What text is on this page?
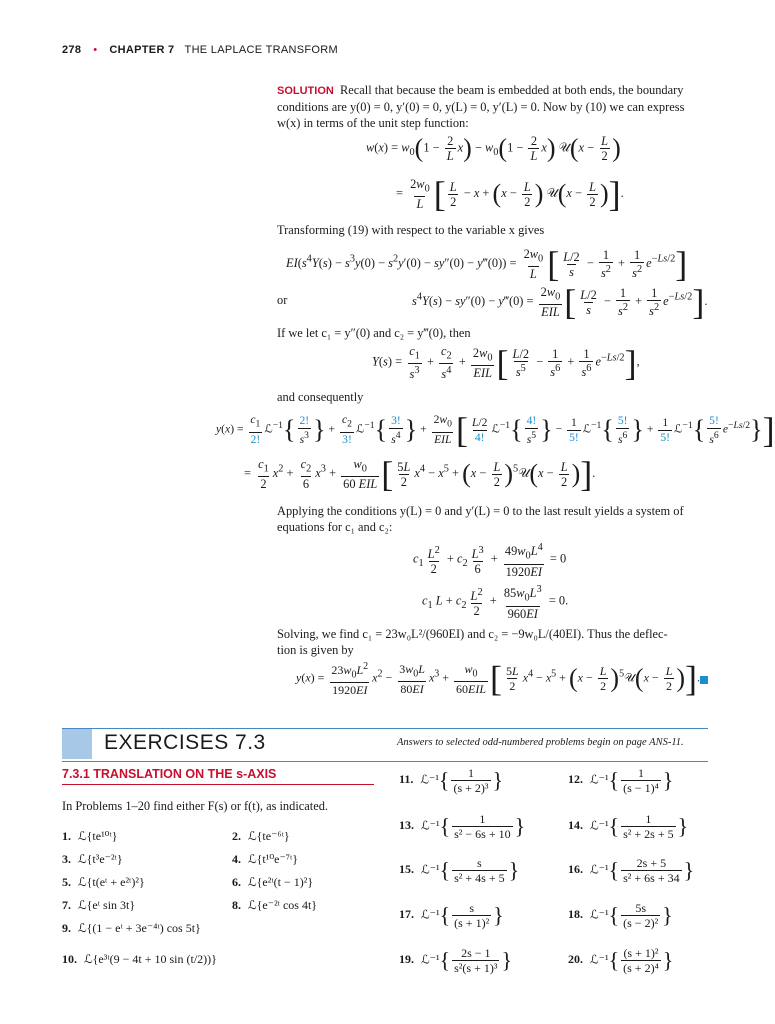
278 • CHAPTER 7 THE LAPLACE TRANSFORM
SOLUTION Recall that because the beam is embedded at both ends, the boundary
conditions are y(0) = 0, y′(0) = 0, y(L) = 0, y′(L) = 0. Now by (10) we can express
w(x) in terms of the unit step function:
$w(x) = w_0(1 - \frac{2}{L} x) - w_0(1 - \frac{2}{L} x)$ 𝒰(x − $\frac{L}{2}$ )
= $\frac{2w_0}{L}$ [ $\frac{L}{2} - x + (x - \frac{L}{2}$ ) 𝒰(x − $\frac{L}{2}$ )].
Transforming (19) with respect to the variable x gives
$EI(s^4Y(s) - s^3y(0) - s^2y'(0) - sy''(0)$ − y‴(0)) = $\frac{2w_0}{L}$ [ $\frac{L/2}{s} - \frac{1}{s^2} + \frac{1}{s^2} e^{-Ls/2}$]
or	$s^4Y(s) - sy''(0)$ − y‴(0) =
$2w_0$
EIL [ $\frac{L/2}{s} - \frac{1}{s^2} + \frac{1}{s^2} e^{-Ls/2}$].
If we let c₁ = y″(0) and c₂ = y‴(0), then
$Y(s) = \frac{c_1}{s^3} + \frac{c_2}{s^4}$ +
$2w_0$
EIL [ $\frac{L/2}{s^5} - \frac{1}{s^6} + \frac{1}{s^6} e^{-Ls/2}$],
and consequently
$y(x) = \frac{c_1}{2!}$ ℒ$^{-1}${ $\frac{2!}{s^3}$ } + $\frac{c_2}{3!}$ ℒ$^{-1}${ $\frac{3!}{s^4}$ } +
$2w_0$
EIL [ $\frac{L/2}{4!}$ ℒ$^{-1}${ $\frac{4!}{s^5}$ } − $\frac{1}{5!}$ ℒ$^{-1}${ $\frac{5!}{s^6}$ } + $\frac{1}{5!}$ ℒ$^{-1}${ $\frac{5!}{s^6} e^{-Ls/2}$}]
= $\frac{c_1}{2} x^2 + \frac{c_2}{6} x^3$ +
$w_0$
60 EIL [ $\frac{5L}{2} x^4 - x^5 + (x - \frac{L}{2}$ )$^5𝒰(x - \frac{L}{2}$ )].
Applying the conditions y(L) = 0 and y′(L) = 0 to the last result yields a system of
equations for c₁ and c₂:
$c_1 \frac{L^2}{2} + c_2 \frac{L^3}{6} + \frac{49w_0L^4}{1920EI} = 0$
$c_1$ $L + c_2 \frac{L^2}{2} + \frac{85w_0L^3}{960EI} = 0$.
Solving, we find c₁ = 23w₀L²/(960EI) and c₂ = −9w₀L/(40EI). Thus the deflec-
tion is given by
$y(x) = \frac{23w_0L^2}{1920EI} x^2 - \frac{3w_0L}{80EI} x^3$ +
$w_0$
60EIL [ $\frac{5L}{2} x^4 - x^5 + (x - \frac{L}{2}$ )$^5𝒰(x - \frac{L}{2}$ )].
EXERCISES 7.3	Answers to selected odd-numbered problems begin on page ANS-11.
7.3.1 TRANSLATION ON THE s-AXIS
In Problems 1–20 find either F(s) or f(t), as indicated.
1. ℒ{te¹⁰ᵗ}	2. ℒ{te⁻⁶ᵗ}
3. ℒ{t³e⁻²ᵗ}	4. ℒ{t¹⁰e⁻⁷ᵗ}
5. ℒ{t(eᵗ + e²ᵗ)²}	6. ℒ{e²ᵗ(t − 1)²}
7. ℒ{eᵗ sin 3t}	8. ℒ{e⁻²ᵗ cos 4t}
9. ℒ{(1 − eᵗ + 3e⁻⁴ᵗ) cos 5t}
10. ℒ{e³ᵗ(9 − 4t + 10 sin (t/2))}
11. ℒ⁻¹{ $\frac{1}{\text{(s + 2)³}}$ }	12. ℒ⁻¹{ $\frac{1}{\text{(s − 1)⁴}}$ }
13. ℒ⁻¹{ $\frac{1}{\text{s² − 6s + 10}}$ }	14. ℒ⁻¹{ $\frac{1}{\text{s² + 2s + 5}}$ }
15. ℒ⁻¹{ $\frac{s}{\text{s² + 4s + 5}}$ }	16. ℒ⁻¹{ $\frac{2s + 5}{\text{s² + 6s + 34}}$ }
17. ℒ⁻¹{ $\frac{s}{\text{(s + 1)²}}$ }	18. ℒ⁻¹{ $\frac{5s}{\text{(s − 2)²}}$ }
19. ℒ⁻¹{ $\frac{2s - 1}{\text{s²(s + 1)³}}$ }	20. ℒ⁻¹{ $\frac{\text{(s + 1)²}}{\text{(s + 2)⁴}}$ }
